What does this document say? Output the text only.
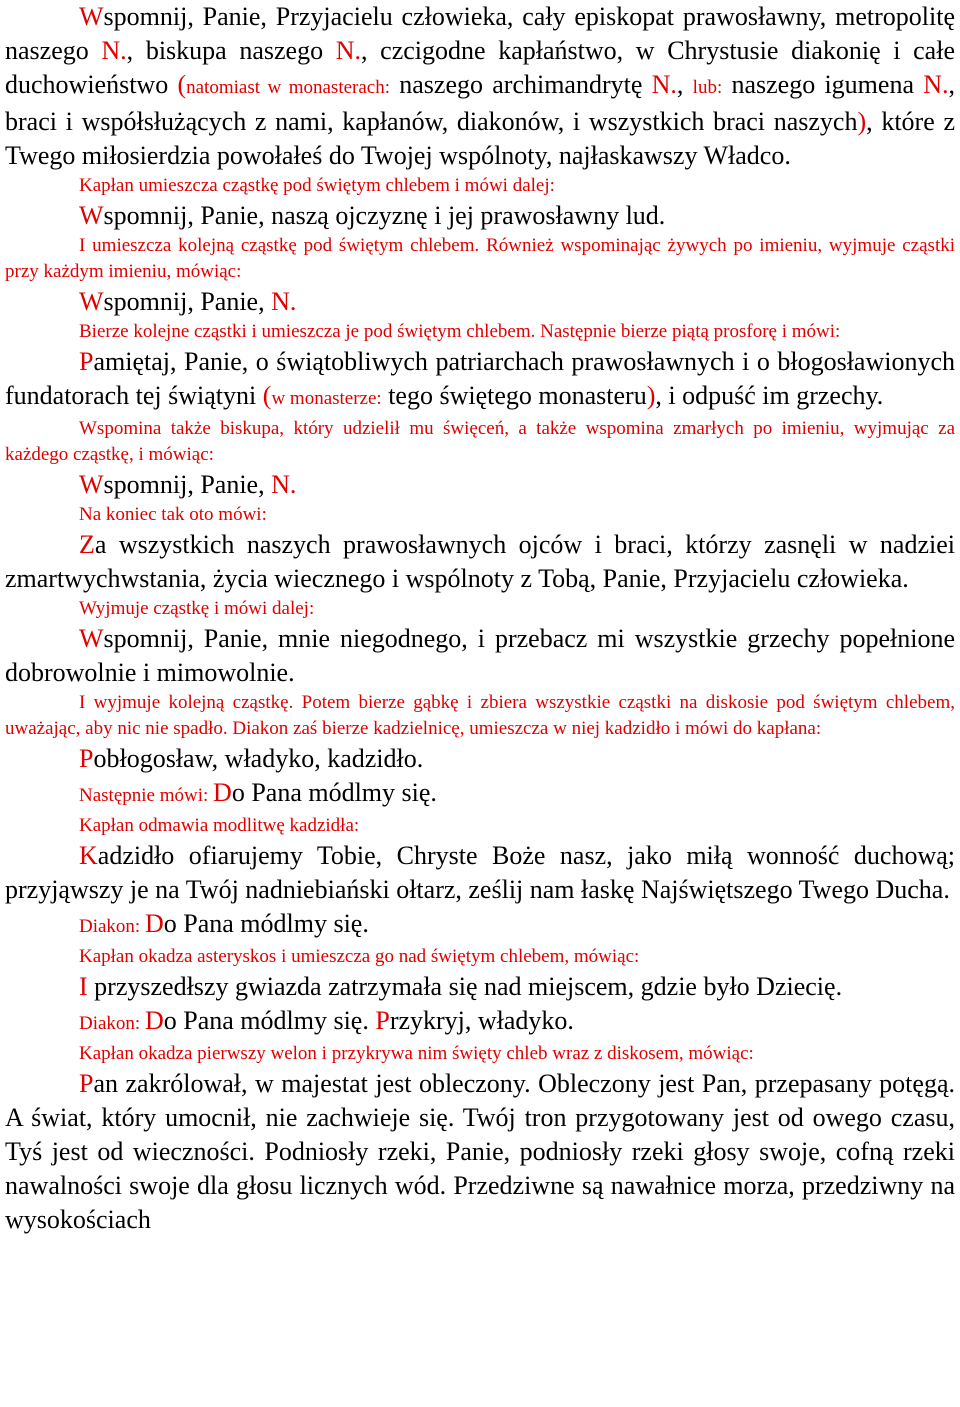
Wspomnij, Panie, Przyjacielu człowieka, cały episkopat prawosławny, metropolitę naszego N., biskupa naszego N., czcigodne kapłaństwo, w Chrystusie diakonię i całe duchowieństwo (natomiast w monasterach: naszego archimandrytę N., lub: naszego igumena N., braci i współsłużących z nami, kapłanów, diakonów, i wszystkich braci naszych), które z Twego miłosierdzia powołałeś do Twojej wspólnoty, najłaskawszy Władco.

Kapłan umieszcza cząstkę pod świętym chlebem i mówi dalej:

Wspomnij, Panie, naszą ojczyznę i jej prawosławny lud.

I umieszcza kolejną cząstkę pod świętym chlebem. Również wspominając żywych po imieniu, wyjmuje cząstki przy każdym imieniu, mówiąc:

Wspomnij, Panie, N.

Bierze kolejne cząstki i umieszcza je pod świętym chlebem. Następnie bierze piątą prosforę i mówi:

Pamiętaj, Panie, o świątobliwych patriarchach prawosławnych i o błogosławionych fundatorach tej świątyni (w monasterze: tego świętego monasteru), i odpuść im grzechy.

Wspomina także biskupa, który udzielił mu święceń, a także wspomina zmarłych po imieniu, wyjmując za każdego cząstkę, i mówiąc:

Wspomnij, Panie, N.

Na koniec tak oto mówi:

Za wszystkich naszych prawosławnych ojców i braci, którzy zasnęli w nadziei zmartwychwstania, życia wiecznego i wspólnoty z Tobą, Panie, Przyjacielu człowieka.

Wyjmuje cząstkę i mówi dalej:

Wspomnij, Panie, mnie niegodnego, i przebacz mi wszystkie grzechy popełnione dobrowolnie i mimowolnie.

I wyjmuje kolejną cząstkę. Potem bierze gąbkę i zbiera wszystkie cząstki na diskosie pod świętym chlebem, uważając, aby nic nie spadło. Diakon zaś bierze kadzielnicę, umieszcza w niej kadzidło i mówi do kapłana:

Pobłogosław, władyko, kadzidło.

Następnie mówi: Do Pana módlmy się.

Kapłan odmawia modlitwę kadzidła:

Kadzidło ofiarujemy Tobie, Chryste Boże nasz, jako miłą wonność duchową; przyjąwszy je na Twój nadniebiański ołtarz, ześlij nam łaskę Najświętszego Twego Ducha.

Diakon: Do Pana módlmy się.

Kapłan okadza asteryskos i umieszcza go nad świętym chlebem, mówiąc:

I przyszedłszy gwiazda zatrzymała się nad miejscem, gdzie było Dziecię.

Diakon: Do Pana módlmy się. Przykryj, władyko.

Kapłan okadza pierwszy welon i przykrywa nim święty chleb wraz z diskosem, mówiąc:

Pan zakrólował, w majestat jest obleczony. Obleczony jest Pan, przepasany potęgą. A świat, który umocnił, nie zachwieje się. Twój tron przygotowany jest od owego czasu, Tyś jest od wieczności. Podniosły rzeki, Panie, podniosły rzeki głosy swoje, cofną rzeki nawalności swoje dla głosu licznych wód. Przedziwne są nawałnice morza, przedziwny na wysokościach
